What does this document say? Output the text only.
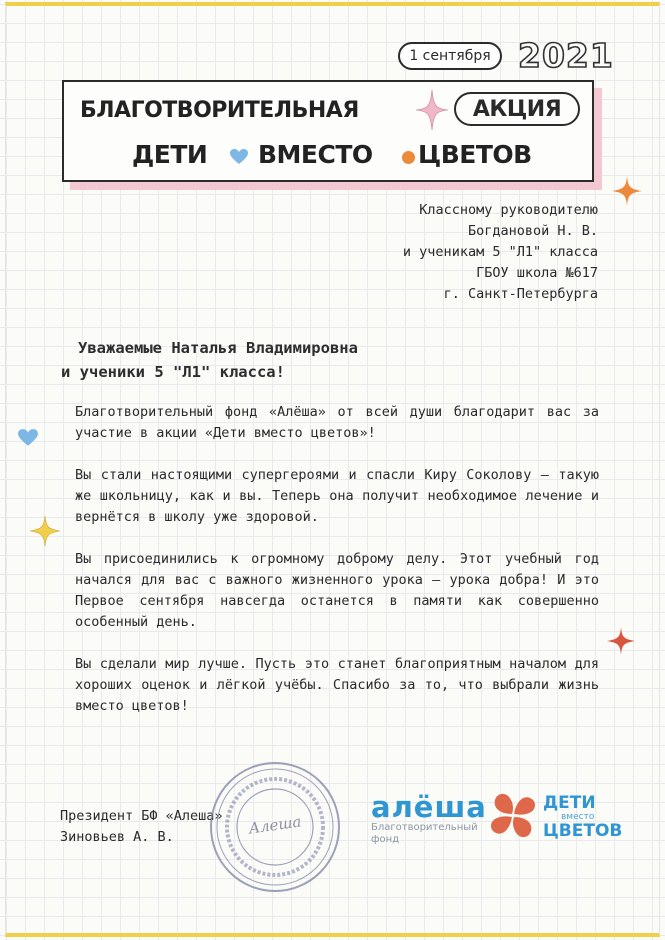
1 сентября 2021
БЛАГОТВОРИТЕЛЬНАЯ	АКЦИЯ
ДЕТИ ВМЕСТО ЦВЕТОВ
Классному руководителю
Богдановой Н. В.
и ученикам 5 "Л1" класса
ГБОУ школа №617
г. Санкт-Петербурга
Уважаемые Наталья Владимировна
и ученики 5 "Л1" класса!

Благотворительный фонд «Алёша» от всей души благодарит вас за участие в акции «Дети вместо цветов»!

Вы стали настоящими супергероями и спасли Киру Соколову – такую же школьницу, как и вы. Теперь она получит необходимое лечение и вернётся в школу уже здоровой.

Вы присоединились к огромному доброму делу. Этот учебный год начался для вас с важного жизненного урока – урока добра! И это Первое сентября навсегда останется в памяти как совершенно особенный день.

Вы сделали мир лучше. Пусть это станет благоприятным началом для хороших оценок и лёгкой учёбы. Спасибо за то, что выбрали жизнь вместо цветов!

Президент БФ «Алеша»
Зиновьев А. В.	Алеша
алёша
Благотворительный
фонд
ДЕТИ
вместо
ЦВЕТОВ
